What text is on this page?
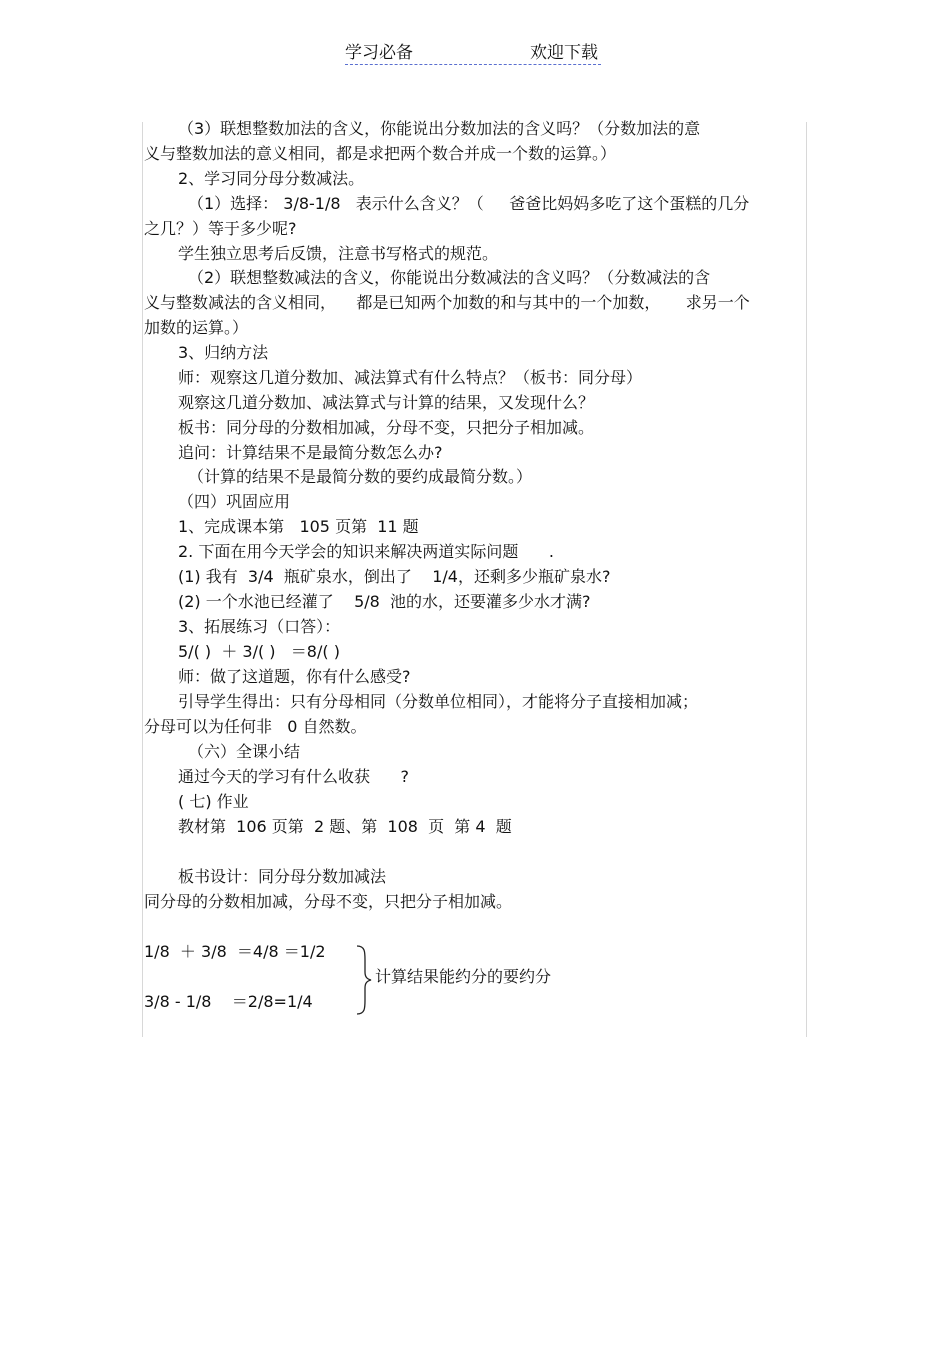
学习必备	欢迎下载
（3）联想整数加法的含义，你能说出分数加法的含义吗？（分数加法的意
义与整数加法的意义相同，都是求把两个数合并成一个数的运算。）
2、学习同分母分数减法。
（1）选择： 3/8-1/8   表示什么含义？（     爸爸比妈妈多吃了这个蛋糕的几分
之几？）等于多少呢?
学生独立思考后反馈，注意书写格式的规范。
（2）联想整数减法的含义，你能说出分数减法的含义吗？（分数减法的含
义与整数减法的含义相同，    都是已知两个加数的和与其中的一个加数，     求另一个
加数的运算。）
3、归纳方法
师：观察这几道分数加、减法算式有什么特点？（板书：同分母）
观察这几道分数加、减法算式与计算的结果，又发现什么？
板书：同分母的分数相加减，分母不变，只把分子相加减。
追问：计算结果不是最简分数怎么办?
（计算的结果不是最简分数的要约成最简分数。）
（四）巩固应用
1、完成课本第   105 页第  11 题
2. 下面在用今天学会的知识来解决两道实际问题      .
(1) 我有  3/4  瓶矿泉水，倒出了    1/4，还剩多少瓶矿泉水?
(2) 一个水池已经灌了    5/8  池的水，还要灌多少水才满?
3、拓展练习（口答）：
5/( )  ＋ 3/( )   ＝8/( )
师：做了这道题，你有什么感受?
引导学生得出：只有分母相同（分数单位相同），才能将分子直接相加减；
分母可以为任何非   0 自然数。
（六）全课小结
通过今天的学习有什么收获      ?
( 七) 作业
教材第  106 页第  2 题、第  108  页  第 4  题
板书设计：同分母分数加减法
同分母的分数相加减，分母不变，只把分子相加减。
1/8  ＋ 3/8  ＝4/8 ＝1/2
3/8 - 1/8    ＝2/8=1/4
计算结果能约分的要约分
